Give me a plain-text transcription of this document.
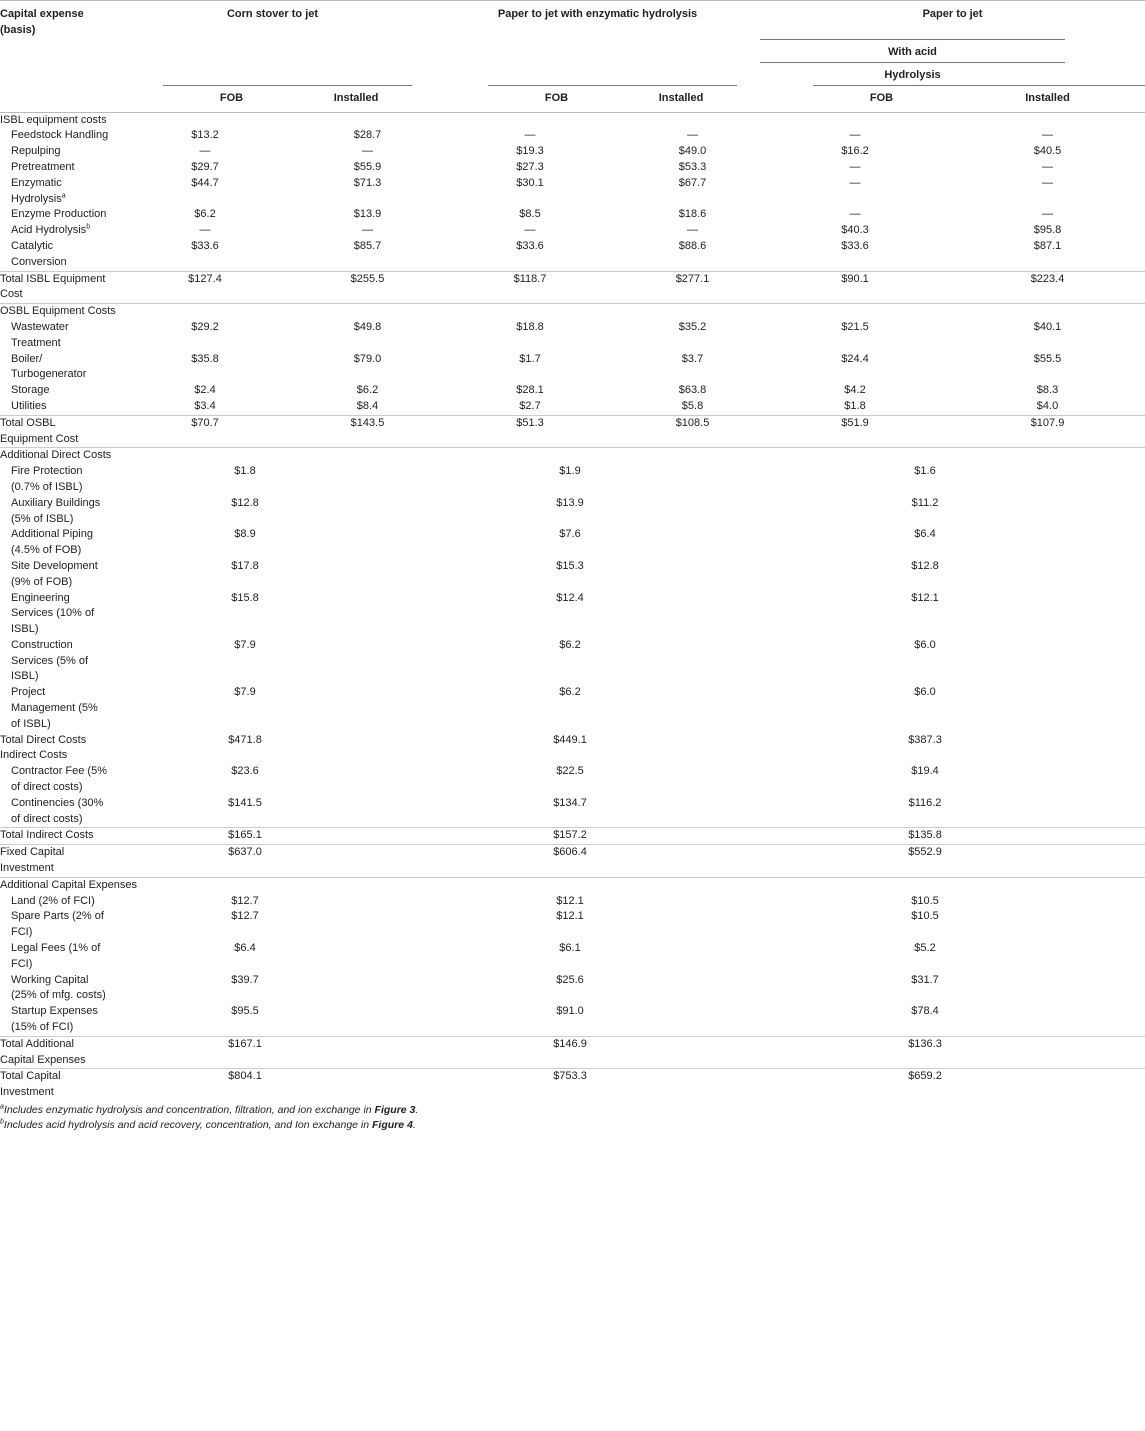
Capital expense (basis)	Corn stover to jet		Paper to jet with enzymatic hydrolysis		Paper to jet	

					With acid	

					Hydrolysis	

	FOB	Installed	FOB	Installed	FOB	Installed

ISBL equipment costs						
Feedstock Handling	$13.2	$28.7	—	—	—	—
Repulping	—	—	$19.3	$49.0	$16.2	$40.5
Pretreatment	$29.7	$55.9	$27.3	$53.3	—	—
Enzymatic Hydrolysis$^a$	$44.7	$71.3	$30.1	$67.7	—	—
Enzyme Production	$6.2	$13.9	$8.5	$18.6	—	—
Acid Hydrolysis$^b$	—	—	—	—	$40.3	$95.8
Catalytic Conversion	$33.6	$85.7	$33.6	$88.6	$33.6	$87.1
Total ISBL Equipment Cost	$127.4	$255.5	$118.7	$277.1	$90.1	$223.4
OSBL Equipment Costs						
Wastewater Treatment	$29.2	$49.8	$18.8	$35.2	$21.5	$40.1
Boiler/ Turbogenerator	$35.8	$79.0	$1.7	$3.7	$24.4	$55.5
Storage	$2.4	$6.2	$28.1	$63.8	$4.2	$8.3
Utilities	$3.4	$8.4	$2.7	$5.8	$1.8	$4.0
Total OSBL Equipment Cost	$70.7	$143.5	$51.3	$108.5	$51.9	$107.9
Additional Direct Costs						
Fire Protection (0.7% of ISBL)	$1.8		$1.9		$1.6	
Auxiliary Buildings (5% of ISBL)	$12.8		$13.9		$11.2	
Additional Piping (4.5% of FOB)	$8.9		$7.6		$6.4	
Site Development (9% of FOB)	$17.8		$15.3		$12.8	
Engineering Services (10% of ISBL)	$15.8		$12.4		$12.1	
Construction Services (5% of ISBL)	$7.9		$6.2		$6.0	
Project Management (5% of ISBL)	$7.9		$6.2		$6.0	
Total Direct Costs	$471.8		$449.1		$387.3	
Indirect Costs						
Contractor Fee (5% of direct costs)	$23.6		$22.5		$19.4	
Continencies (30% of direct costs)	$141.5		$134.7		$116.2	
Total Indirect Costs	$165.1		$157.2		$135.8	
Fixed Capital Investment	$637.0		$606.4		$552.9	
Additional Capital Expenses						
Land (2% of FCI)	$12.7		$12.1		$10.5	
Spare Parts (2% of FCI)	$12.7		$12.1		$10.5	
Legal Fees (1% of FCI)	$6.4		$6.1		$5.2	
Working Capital (25% of mfg. costs)	$39.7		$25.6		$31.7	
Startup Expenses (15% of FCI)	$95.5		$91.0		$78.4	
Total Additional Capital Expenses	$167.1		$146.9		$136.3	
Total Capital Investment	$804.1		$753.3		$659.2	
$^a$Includes enzymatic hydrolysis and concentration, filtration, and ion exchange in Figure 3.
$^b$Includes acid hydrolysis and acid recovery, concentration, and Ion exchange in Figure 4.
